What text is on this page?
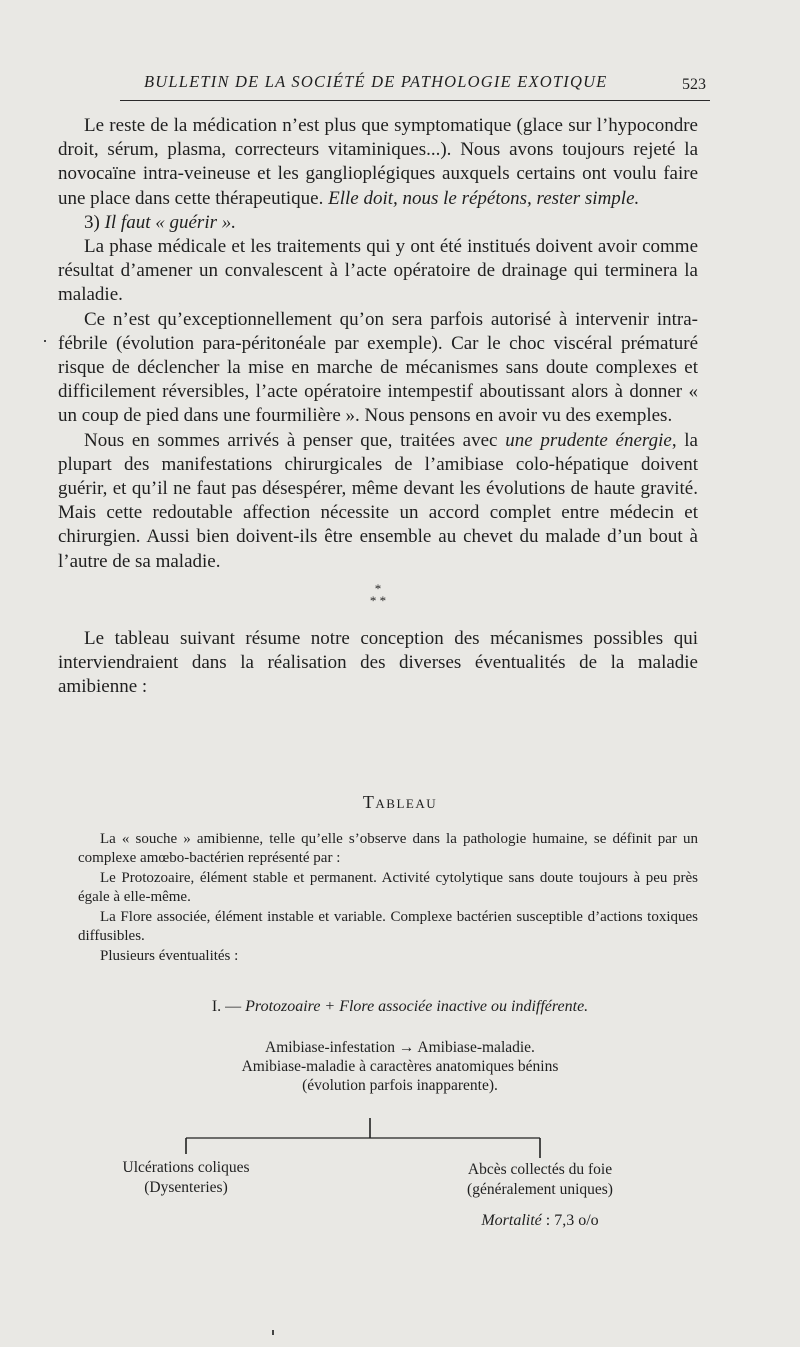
BULLETIN DE LA SOCIÉTÉ DE PATHOLOGIE EXOTIQUE	523

Le reste de la médication n’est plus que symptomatique (glace sur l’hypocondre droit, sérum, plasma, correcteurs vitaminiques...). Nous avons toujours rejeté la novocaïne intra-veineuse et les ganglioplégiques auxquels certains ont voulu faire une place dans cette thérapeutique. Elle doit, nous le répétons, rester simple.

3) Il faut « guérir ».

La phase médicale et les traitements qui y ont été institués doivent avoir comme résultat d’amener un convalescent à l’acte opératoire de drainage qui terminera la maladie.

Ce n’est qu’exceptionnellement qu’on sera parfois autorisé à intervenir intra-fébrile (évolution para-péritonéale par exemple). Car le choc viscéral prématuré risque de déclencher la mise en marche de mécanismes sans doute complexes et difficilement réversibles, l’acte opératoire intempestif aboutissant alors à donner « un coup de pied dans une fourmilière ». Nous pensons en avoir vu des exemples.

Nous en sommes arrivés à penser que, traitées avec une prudente énergie, la plupart des manifestations chirurgicales de l’amibiase colo-hépatique doivent guérir, et qu’il ne faut pas désespérer, même devant les évolutions de haute gravité. Mais cette redoutable affection nécessite un accord complet entre médecin et chirurgien. Aussi bien doivent-ils être ensemble au chevet du malade d’un bout à l’autre de sa maladie.

*
* *

Le tableau suivant résume notre conception des mécanismes possibles qui interviendraient dans la réalisation des diverses éventualités de la maladie amibienne :

Tableau

La « souche » amibienne, telle qu’elle s’observe dans la pathologie humaine, se définit par un complexe amœbo-bactérien représenté par :

Le Protozoaire, élément stable et permanent. Activité cytolytique sans doute toujours à peu près égale à elle-même.

La Flore associée, élément instable et variable. Complexe bactérien susceptible d’actions toxiques diffusibles.

Plusieurs éventualités :

I. — Protozoaire + Flore associée inactive ou indifférente.
Amibiase-infestation → Amibiase-maladie.
Amibiase-maladie à caractères anatomiques bénins
(évolution parfois inapparente).
Ulcérations coliques
(Dysenteries)
Abcès collectés du foie
(généralement uniques)
Mortalité : 7,3 o/o
